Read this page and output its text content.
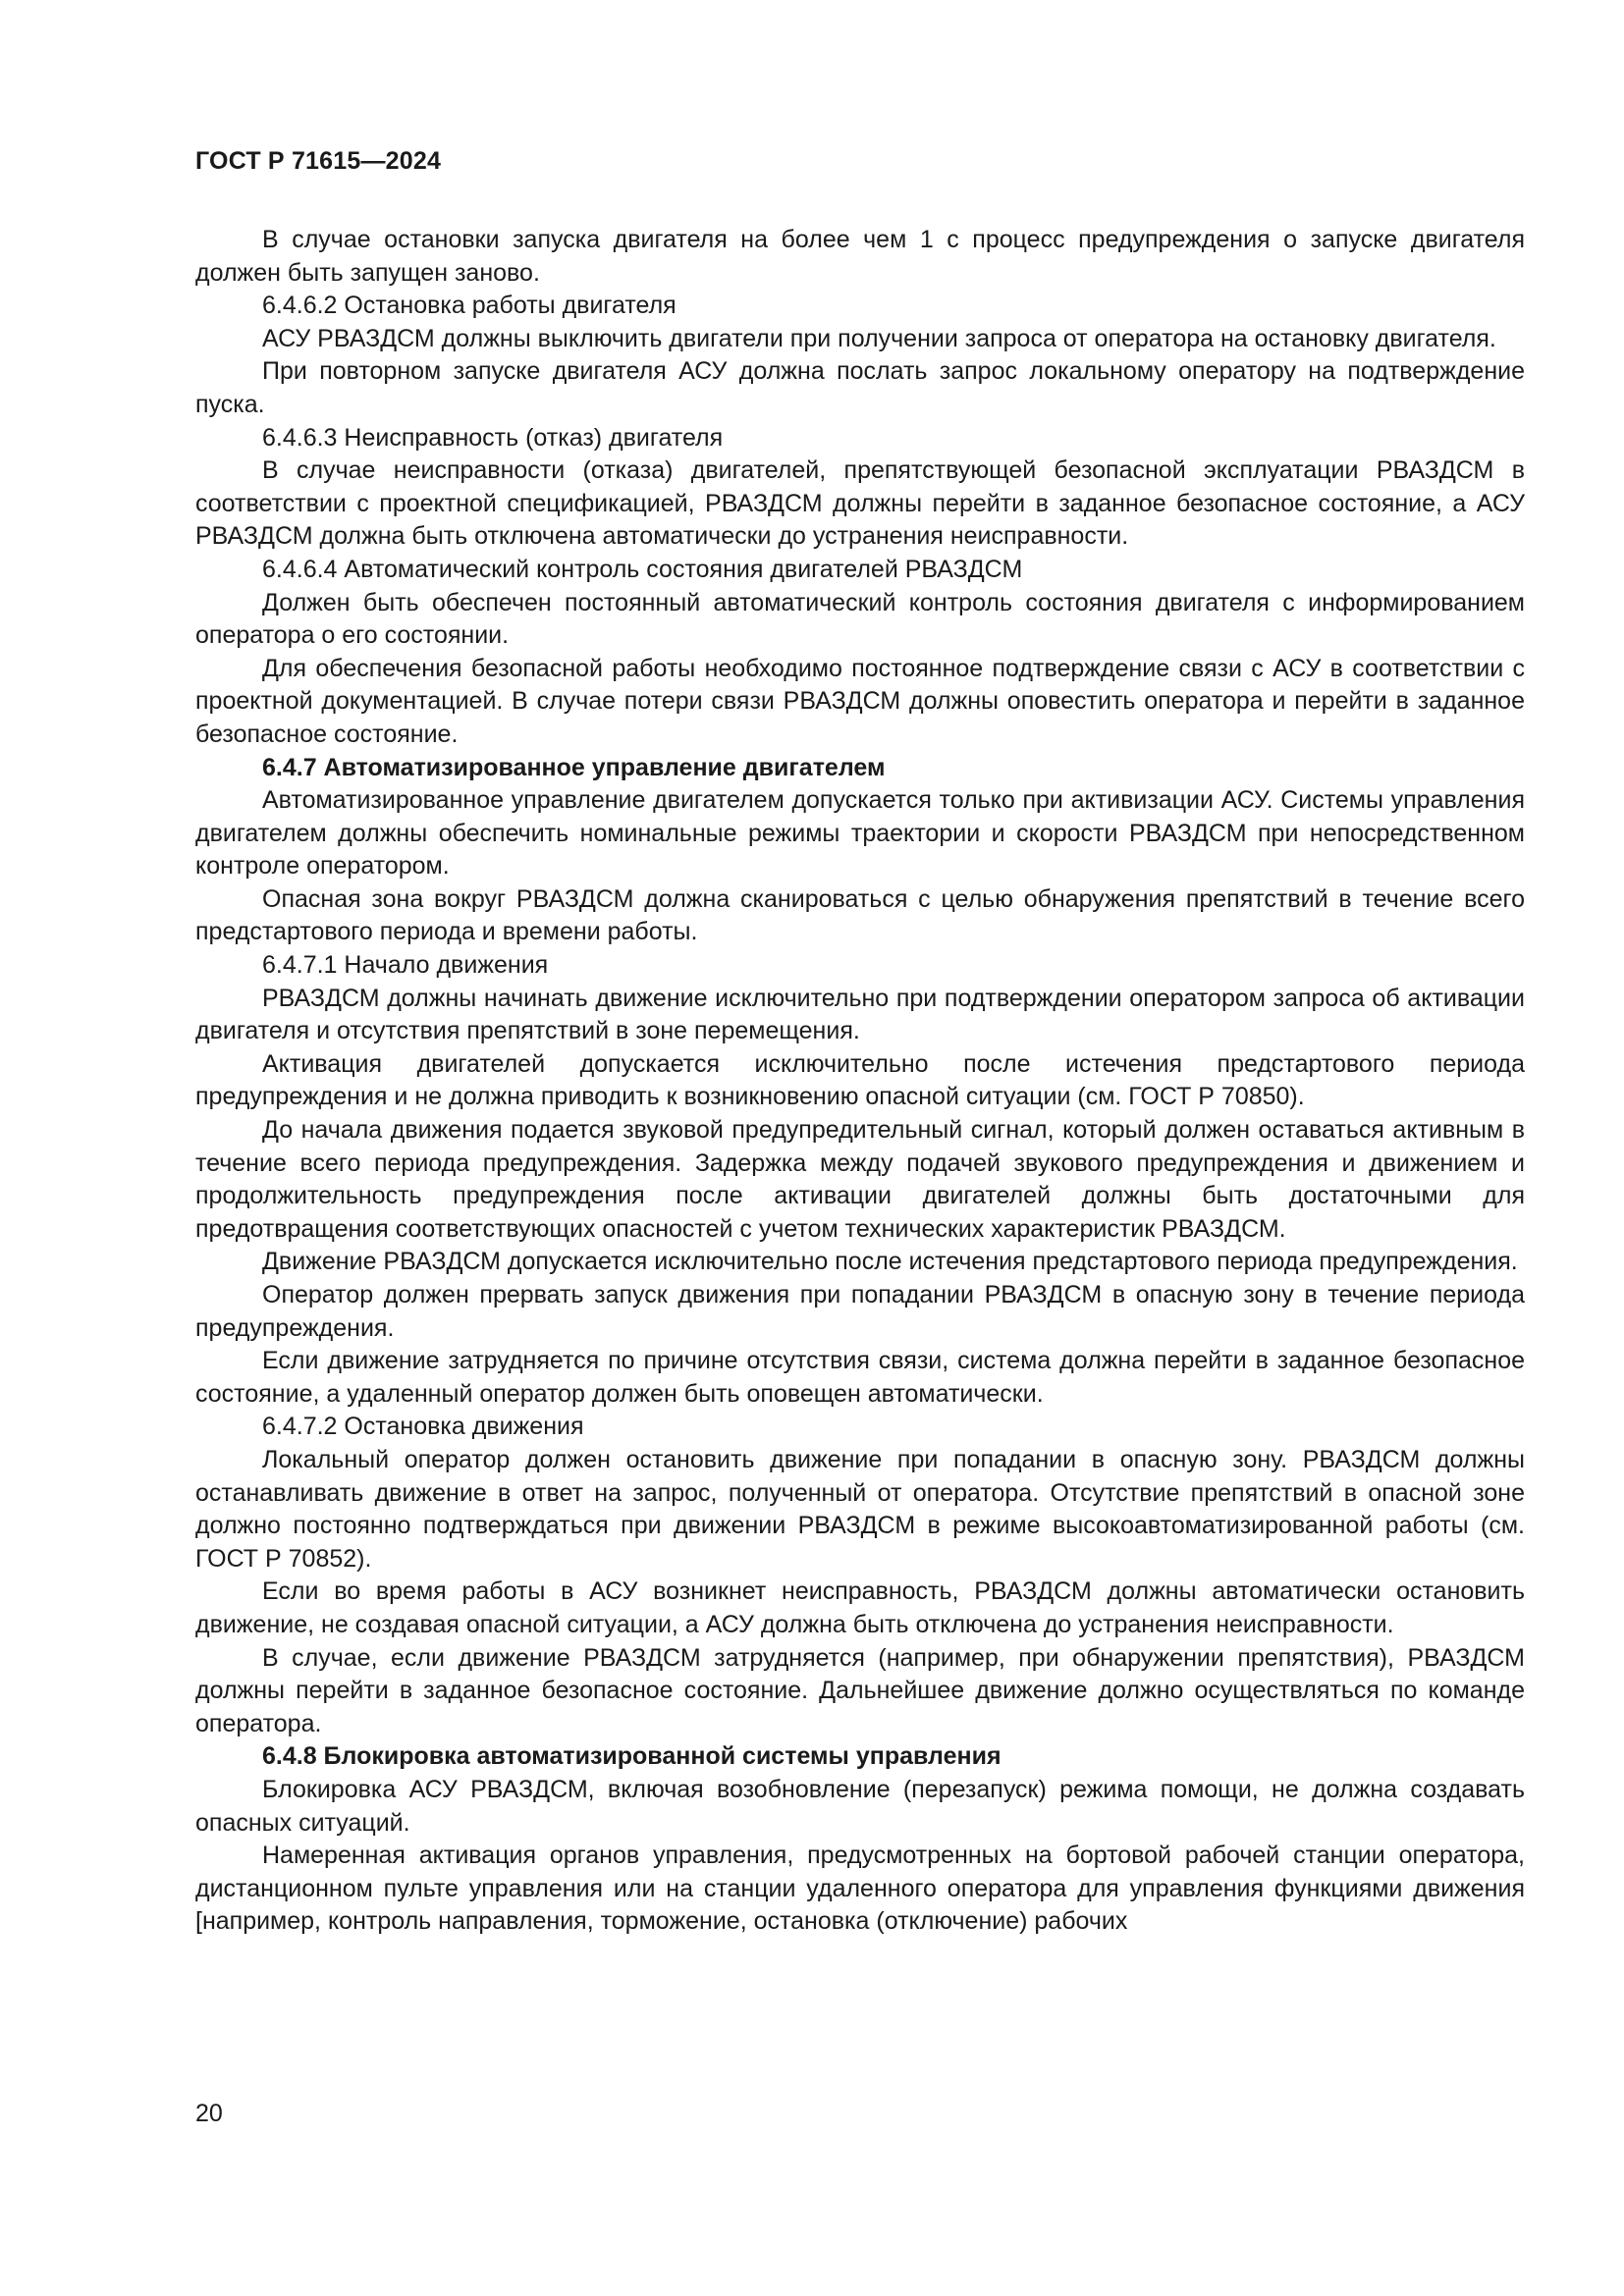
ГОСТ Р 71615—2024

В случае остановки запуска двигателя на более чем 1 с процесс предупреждения о запуске двигателя должен быть запущен заново.

6.4.6.2 Остановка работы двигателя

АСУ РВАЗДСМ должны выключить двигатели при получении запроса от оператора на остановку двигателя.

При повторном запуске двигателя АСУ должна послать запрос локальному оператору на подтверждение пуска.

6.4.6.3 Неисправность (отказ) двигателя

В случае неисправности (отказа) двигателей, препятствующей безопасной эксплуатации РВАЗДСМ в соответствии с проектной спецификацией, РВАЗДСМ должны перейти в заданное безопасное состояние, а АСУ РВАЗДСМ должна быть отключена автоматически до устранения неисправности.

6.4.6.4 Автоматический контроль состояния двигателей РВАЗДСМ

Должен быть обеспечен постоянный автоматический контроль состояния двигателя с информированием оператора о его состоянии.

Для обеспечения безопасной работы необходимо постоянное подтверждение связи с АСУ в соответствии с проектной документацией. В случае потери связи РВАЗДСМ должны оповестить оператора и перейти в заданное безопасное состояние.

6.4.7 Автоматизированное управление двигателем

Автоматизированное управление двигателем допускается только при активизации АСУ. Системы управления двигателем должны обеспечить номинальные режимы траектории и скорости РВАЗДСМ при непосредственном контроле оператором.

Опасная зона вокруг РВАЗДСМ должна сканироваться с целью обнаружения препятствий в течение всего предстартового периода и времени работы.

6.4.7.1 Начало движения

РВАЗДСМ должны начинать движение исключительно при подтверждении оператором запроса об активации двигателя и отсутствия препятствий в зоне перемещения.

Активация двигателей допускается исключительно после истечения предстартового периода предупреждения и не должна приводить к возникновению опасной ситуации (см. ГОСТ Р 70850).

До начала движения подается звуковой предупредительный сигнал, который должен оставаться активным в течение всего периода предупреждения. Задержка между подачей звукового предупреждения и движением и продолжительность предупреждения после активации двигателей должны быть достаточными для предотвращения соответствующих опасностей с учетом технических характеристик РВАЗДСМ.

Движение РВАЗДСМ допускается исключительно после истечения предстартового периода предупреждения.

Оператор должен прервать запуск движения при попадании РВАЗДСМ в опасную зону в течение периода предупреждения.

Если движение затрудняется по причине отсутствия связи, система должна перейти в заданное безопасное состояние, а удаленный оператор должен быть оповещен автоматически.

6.4.7.2 Остановка движения

Локальный оператор должен остановить движение при попадании в опасную зону. РВАЗДСМ должны останавливать движение в ответ на запрос, полученный от оператора. Отсутствие препятствий в опасной зоне должно постоянно подтверждаться при движении РВАЗДСМ в режиме высокоавтоматизированной работы (см. ГОСТ Р 70852).

Если во время работы в АСУ возникнет неисправность, РВАЗДСМ должны автоматически остановить движение, не создавая опасной ситуации, а АСУ должна быть отключена до устранения неисправности.

В случае, если движение РВАЗДСМ затрудняется (например, при обнаружении препятствия), РВАЗДСМ должны перейти в заданное безопасное состояние. Дальнейшее движение должно осуществляться по команде оператора.

6.4.8 Блокировка автоматизированной системы управления

Блокировка АСУ РВАЗДСМ, включая возобновление (перезапуск) режима помощи, не должна создавать опасных ситуаций.

Намеренная активация органов управления, предусмотренных на бортовой рабочей станции оператора, дистанционном пульте управления или на станции удаленного оператора для управления функциями движения [например, контроль направления, торможение, остановка (отключение) рабочих

20
